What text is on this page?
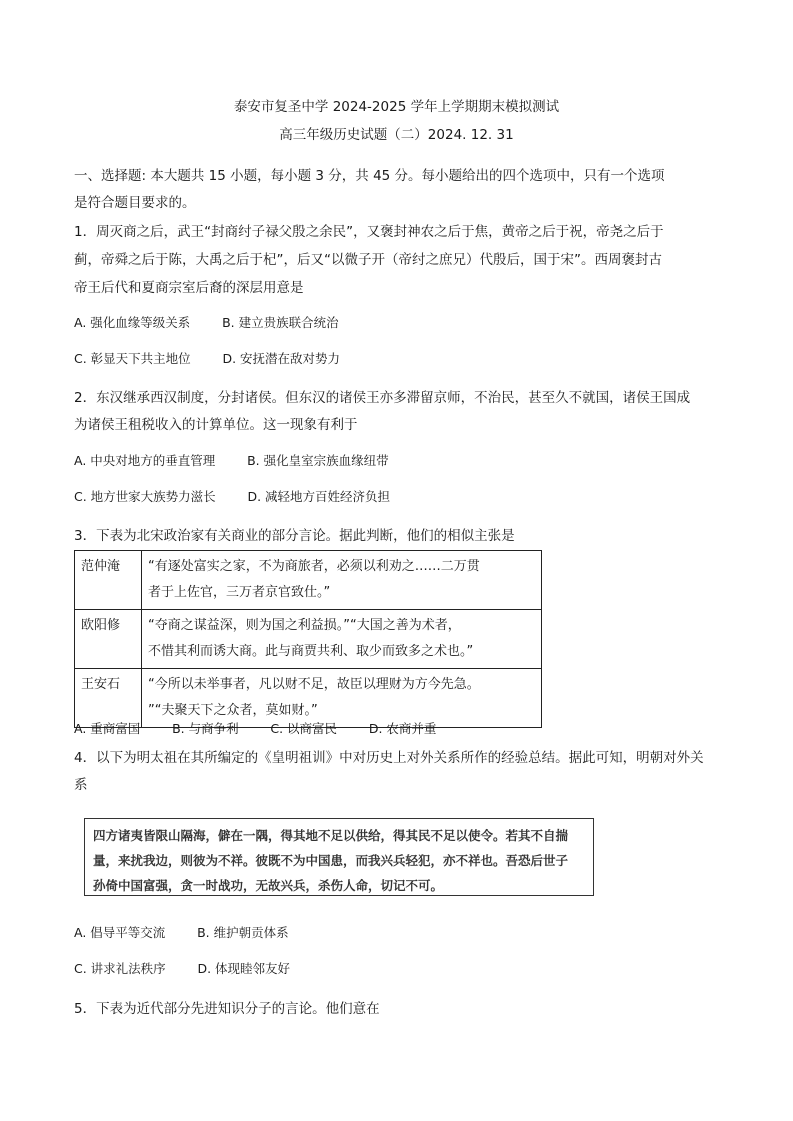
泰安市复圣中学 2024-2025 学年上学期期末模拟测试
高三年级历史试题（二）2024. 12. 31
一、选择题: 本大题共 15 小题，每小题 3 分，共 45 分。每小题给出的四个选项中，只有一个选项
是符合题目要求的。
1．周灭商之后，武王“封商纣子禄父殷之余民”，又褒封神农之后于焦，黄帝之后于祝，帝尧之后于
蓟，帝舜之后于陈，大禹之后于杞”，后又“以微子开（帝纣之庶兄）代殷后，国于宋”。西周褒封古
帝王后代和夏商宗室后裔的深层用意是
A. 强化血缘等级关系        B. 建立贵族联合统治
C. 彰显天下共主地位        D. 安抚潜在敌对势力
2．东汉继承西汉制度，分封诸侯。但东汉的诸侯王亦多滞留京师，不治民，甚至久不就国，诸侯王国成
为诸侯王租税收入的计算单位。这一现象有利于
A. 中央对地方的垂直管理        B. 强化皇室宗族血缘纽带
C. 地方世家大族势力滋长        D. 减轻地方百姓经济负担
3．下表为北宋政治家有关商业的部分言论。据此判断，他们的相似主张是
范仲淹	“有逐处富实之家，不为商旅者，必须以利劝之……二万贯
者于上佐官，三万者京官致仕。”

欧阳修	“夺商之谋益深，则为国之利益损。”“大国之善为术者，
不惜其利而诱大商。此与商贾共利、取少而致多之术也。”

王安石	“今所以未举事者，凡以财不足，故臣以理财为方今先急。
”“夫聚天下之众者，莫如财。”
A. 重商富国        B. 与商争利        C. 以商富民        D. 农商并重
4．以下为明太祖在其所编定的《皇明祖训》中对历史上对外关系所作的经验总结。据此可知，明朝对外关
系
四方诸夷皆限山隔海，僻在一隅，得其地不足以供给，得其民不足以使令。若其不自揣
量，来扰我边，则彼为不祥。彼既不为中国患，而我兴兵轻犯，亦不祥也。吾恐后世子
孙倚中国富强，贪一时战功，无故兴兵，杀伤人命，切记不可。
A. 倡导平等交流        B. 维护朝贡体系
C. 讲求礼法秩序        D. 体现睦邻友好
5．下表为近代部分先进知识分子的言论。他们意在
